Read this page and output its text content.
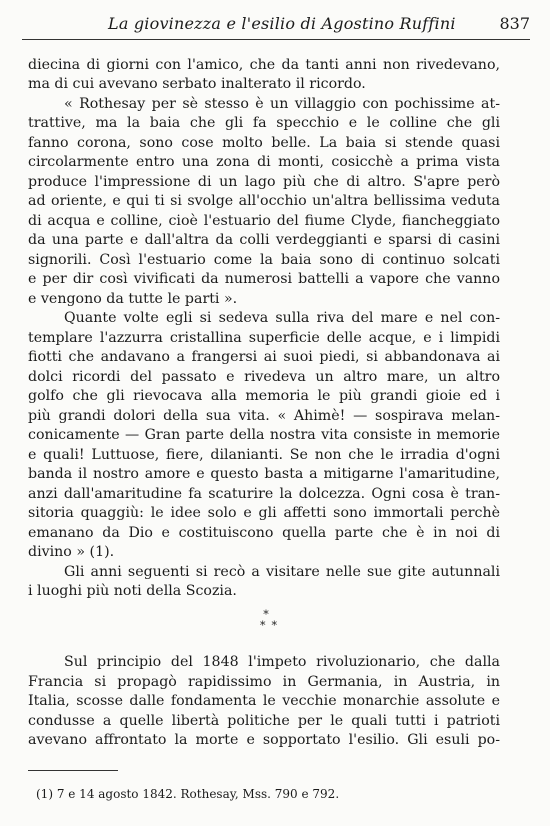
La giovinezza e l'esilio di Agostino Ruffini	837
diecina di giorni con l'amico, che da tanti anni non rivedevano,
ma di cui avevano serbato inalterato il ricordo.
« Rothesay per sè stesso è un villaggio con pochissime at-
trattive, ma la baia che gli fa specchio e le colline che gli
fanno corona, sono cose molto belle. La baia si stende quasi
circolarmente entro una zona di monti, cosicchè a prima vista
produce l'impressione di un lago più che di altro. S'apre però
ad oriente, e qui ti si svolge all'occhio un'altra bellissima veduta
di acqua e colline, cioè l'estuario del fiume Clyde, fiancheggiato
da una parte e dall'altra da colli verdeggianti e sparsi di casini
signorili. Così l'estuario come la baia sono di continuo solcati
e per dir così vivificati da numerosi battelli a vapore che vanno
e vengono da tutte le parti ».
Quante volte egli si sedeva sulla riva del mare e nel con-
templare l'azzurra cristallina superficie delle acque, e i limpidi
fiotti che andavano a frangersi ai suoi piedi, si abbandonava ai
dolci ricordi del passato e rivedeva un altro mare, un altro
golfo che gli rievocava alla memoria le più grandi gioie ed i
più grandi dolori della sua vita. « Ahimè! — sospirava melan-
conicamente — Gran parte della nostra vita consiste in memorie
e quali! Luttuose, fiere, dilanianti. Se non che le irradia d'ogni
banda il nostro amore e questo basta a mitigarne l'amaritudine,
anzi dall'amaritudine fa scaturire la dolcezza. Ogni cosa è tran-
sitoria quaggiù: le idee solo e gli affetti sono immortali perchè
emanano da Dio e costituiscono quella parte che è in noi di
divino » (1).
Gli anni seguenti si recò a visitare nelle sue gite autunnali
i luoghi più noti della Scozia.
*
**
Sul principio del 1848 l'impeto rivoluzionario, che dalla
Francia si propagò rapidissimo in Germania, in Austria, in
Italia, scosse dalle fondamenta le vecchie monarchie assolute e
condusse a quelle libertà politiche per le quali tutti i patrioti
avevano affrontato la morte e sopportato l'esilio. Gli esuli po-
(1) 7 e 14 agosto 1842. Rothesay, Mss. 790 e 792.
